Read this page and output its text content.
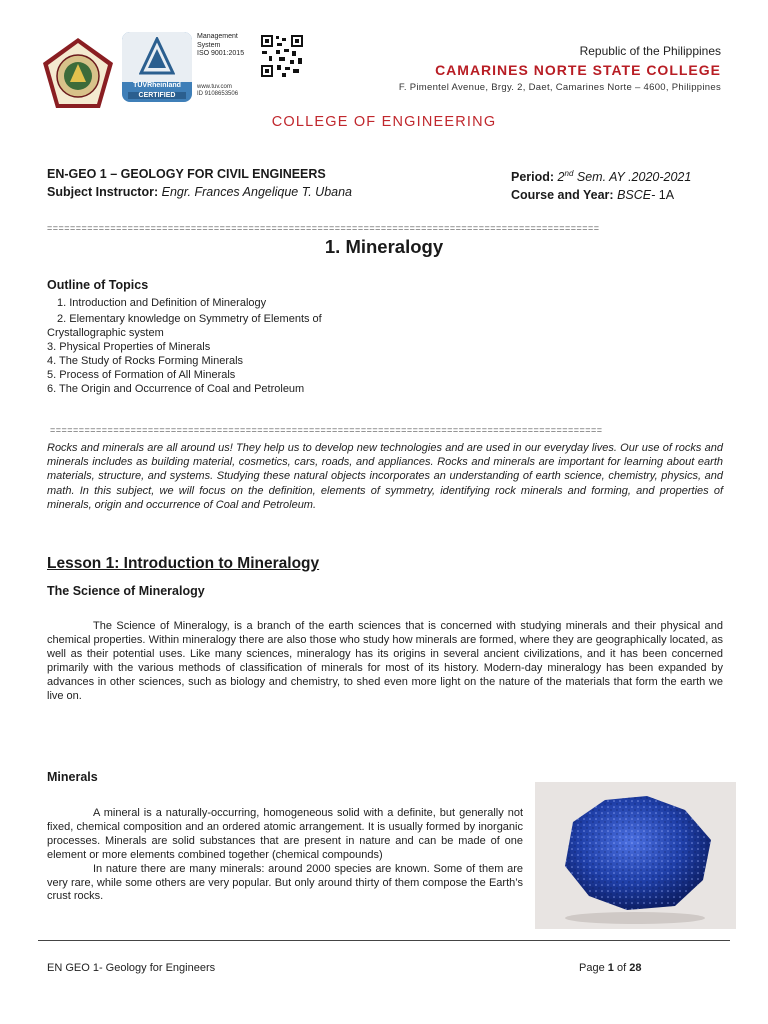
TÜVRheinland
CERTIFIED
Management
System
ISO 9001:2015
www.tuv.com
ID 9108653506
Republic of the Philippines
CAMARINES NORTE STATE COLLEGE
F. Pimentel Avenue, Brgy. 2, Daet, Camarines Norte – 4600, Philippines
COLLEGE OF ENGINEERING
EN-GEO 1 – GEOLOGY FOR CIVIL ENGINEERS
Subject Instructor: Engr. Frances Angelique T. Ubana
Period: 2nd Sem. AY .2020-2021
Course and Year: BSCE- 1A
================================================================================================
1. Mineralogy
Outline of Topics
1. Introduction and Definition of Mineralogy
2. Elementary knowledge on Symmetry of Elements of
Crystallographic system
3. Physical Properties of Minerals
4. The Study of Rocks Forming Minerals
5. Process of Formation of All Minerals
6. The Origin and Occurrence of Coal and Petroleum
================================================================================================
Rocks and minerals are all around us! They help us to develop new technologies and are used in our everyday lives. Our use of rocks and minerals includes as building material, cosmetics, cars, roads, and appliances. Rocks and minerals are important for learning about earth materials, structure, and systems. Studying these natural objects incorporates an understanding of earth science, chemistry, physics, and math. In this subject, we will focus on the definition, elements of symmetry, identifying rock minerals and forming, and properties of minerals, origin and occurrence of Coal and Petroleum.
Lesson 1: Introduction to Mineralogy
The Science of Mineralogy
The Science of Mineralogy, is a branch of the earth sciences that is concerned with studying minerals and their physical and chemical properties. Within mineralogy there are also those who study how minerals are formed, where they are geographically located, as well as their potential uses. Like many sciences, mineralogy has its origins in several ancient civilizations, and it has been concerned primarily with the various methods of classification of minerals for most of its history. Modern-day mineralogy has been expanded by advances in other sciences, such as biology and chemistry, to shed even more light on the nature of the materials that form the earth we live on.
Minerals

A mineral is a naturally-occurring, homogeneous solid with a definite, but generally not fixed, chemical composition and an ordered atomic arrangement. It is usually formed by inorganic processes. Minerals are solid substances that are present in nature and can be made of one element or more elements combined together (chemical compounds)

In nature there are many minerals: around 2000 species are known. Some of them are very rare, while some others are very popular. But only around thirty of them compose the Earth’s crust rocks.

EN GEO 1- Geology for Engineers	Page 1 of 28
